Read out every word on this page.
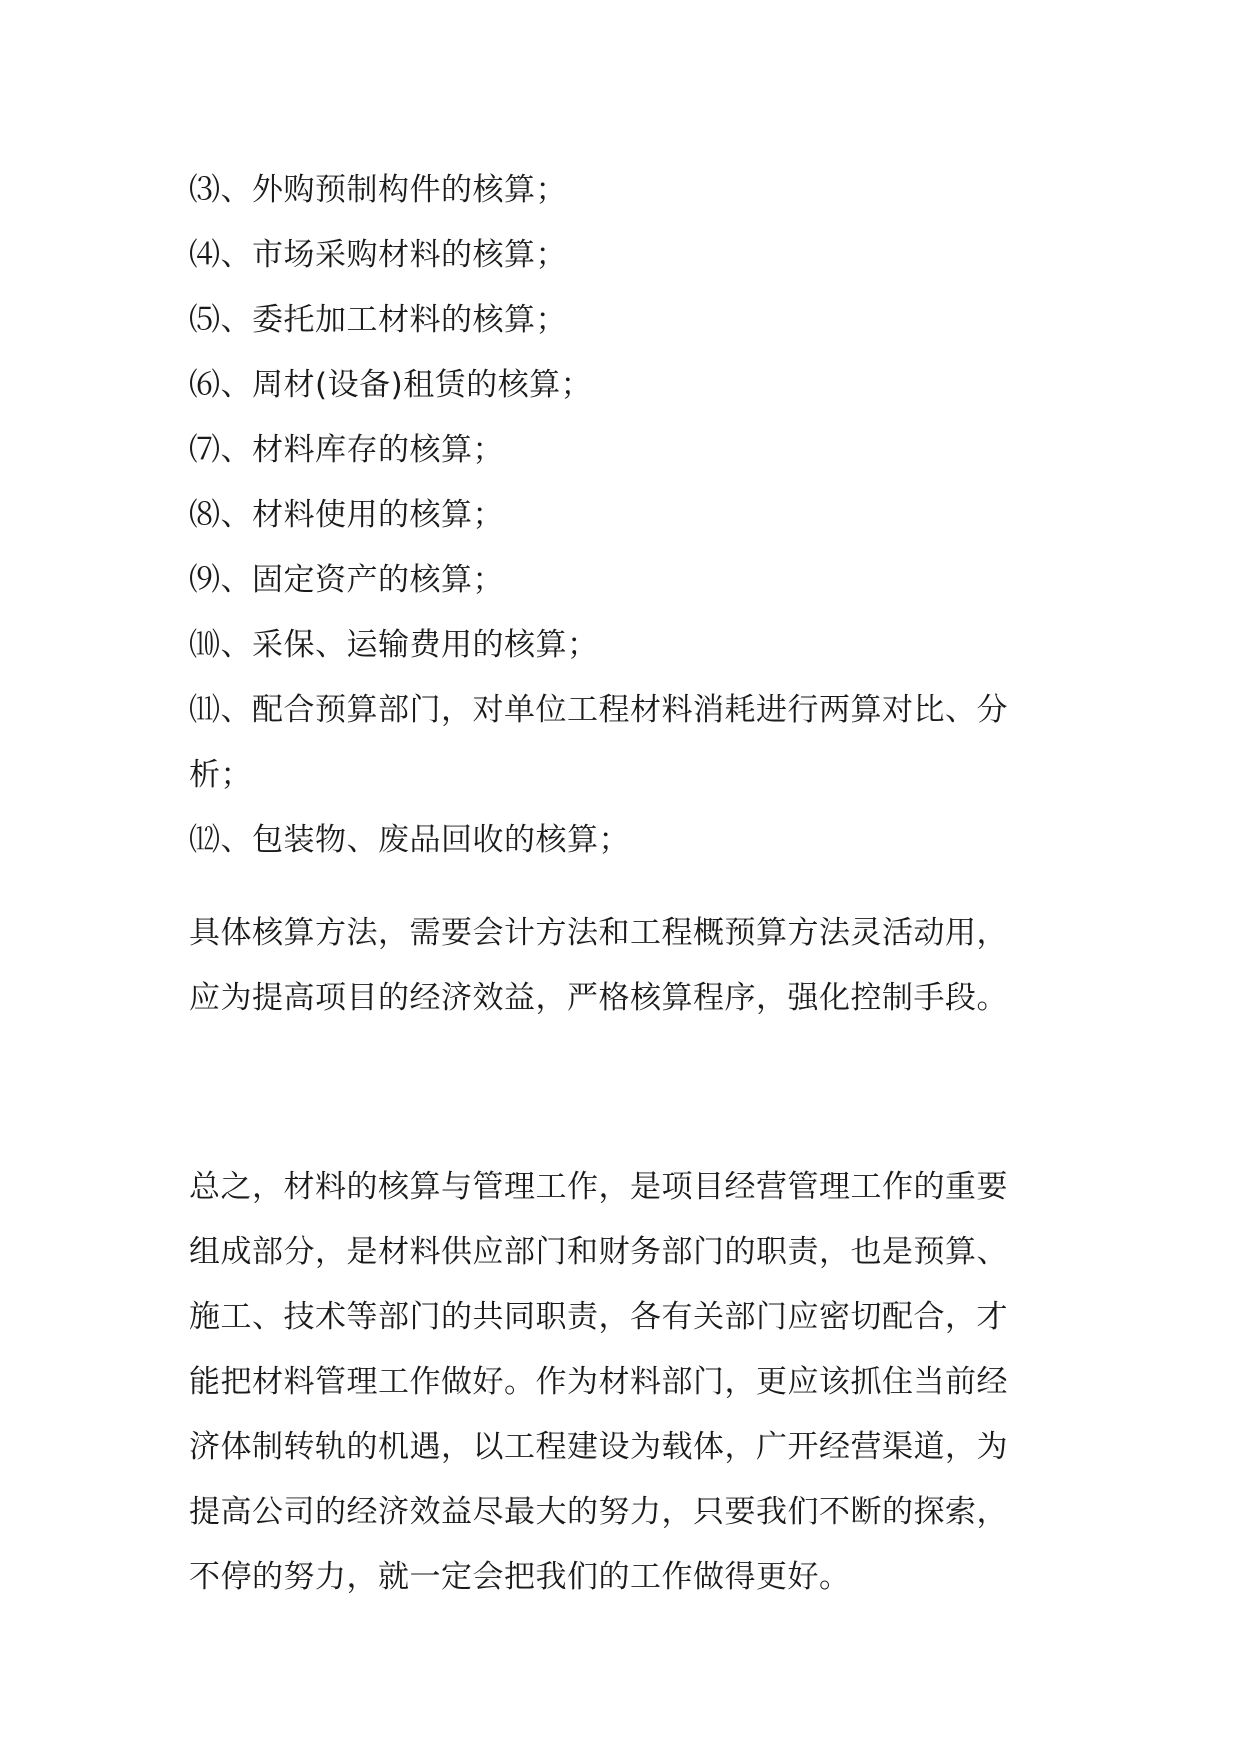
⑶、外购预制构件的核算；
⑷、市场采购材料的核算；
⑸、委托加工材料的核算；
⑹、周材(设备)租赁的核算；
⑺、材料库存的核算；
⑻、材料使用的核算；
⑼、固定资产的核算；
⑽、采保、运输费用的核算；
⑾、配合预算部门，对单位工程材料消耗进行两算对比、分
析；
⑿、包装物、废品回收的核算；
具体核算方法，需要会计方法和工程概预算方法灵活动用，
应为提高项目的经济效益，严格核算程序，强化控制手段。
总之，材料的核算与管理工作，是项目经营管理工作的重要
组成部分，是材料供应部门和财务部门的职责，也是预算、
施工、技术等部门的共同职责，各有关部门应密切配合，才
能把材料管理工作做好。作为材料部门，更应该抓住当前经
济体制转轨的机遇，以工程建设为载体，广开经营渠道，为
提高公司的经济效益尽最大的努力，只要我们不断的探索，
不停的努力，就一定会把我们的工作做得更好。
